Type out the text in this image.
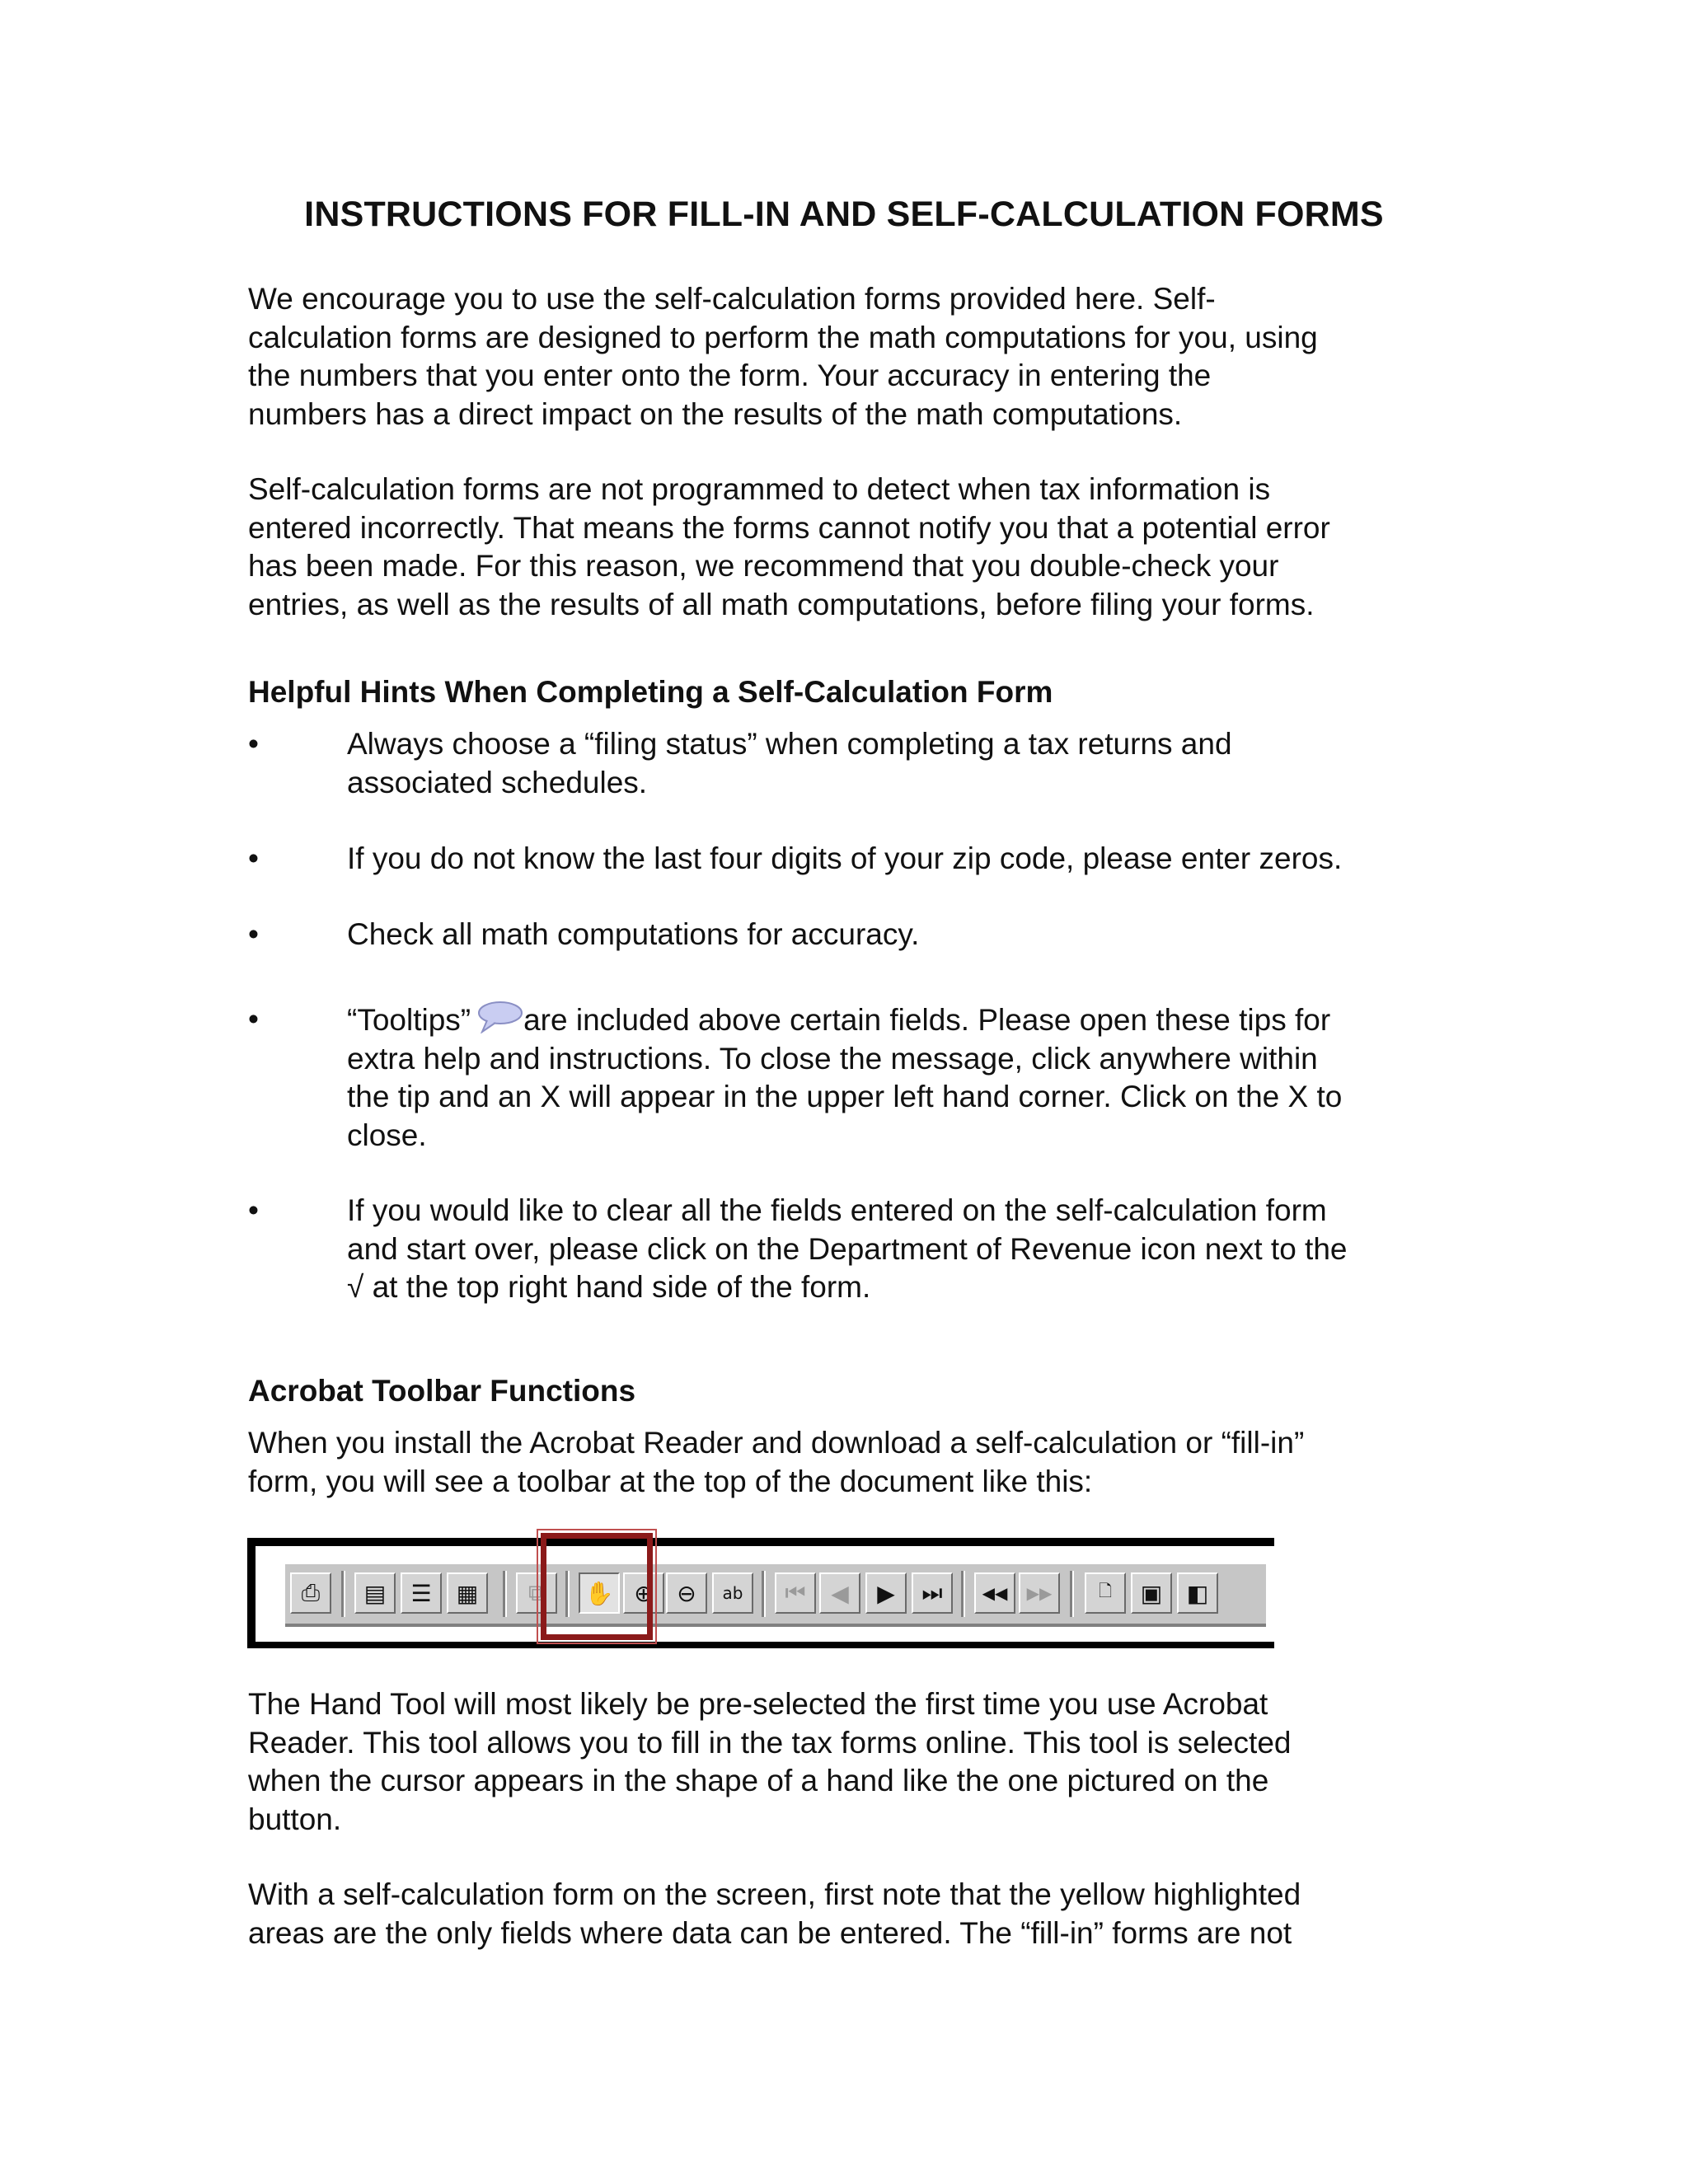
INSTRUCTIONS FOR FILL-IN AND SELF-CALCULATION FORMS
We encourage you to use the self-calculation forms provided here. Self-
calculation forms are designed to perform the math computations for you, using
the numbers that you enter onto the form. Your accuracy in entering the
numbers has a direct impact on the results of the math computations.
Self-calculation forms are not programmed to detect when tax information is
entered incorrectly. That means the forms cannot notify you that a potential error
has been made. For this reason, we recommend that you double-check your
entries, as well as the results of all math computations, before filing your forms.
Helpful Hints When Completing a Self-Calculation Form
•	Always choose a “filing status” when completing a tax returns and
associated schedules.
•	If you do not know the last four digits of your zip code, please enter zeros.
•	Check all math computations for accuracy.
•	“Tooltips” are included above certain fields. Please open these tips for
extra help and instructions. To close the message, click anywhere within
the tip and an X will appear in the upper left hand corner. Click on the X to
close.
•	If you would like to clear all the fields entered on the self-calculation form
and start over, please click on the Department of Revenue icon next to the
√ at the top right hand side of the form.
Acrobat Toolbar Functions
When you install the Acrobat Reader and download a self-calculation or “fill-in”
form, you will see a toolbar at the top of the document like this:
⎙	▤	☰	▦	⧉	✋ ⊕	⊖	ab	⏮	◀	▶	⏭	◀◀	▶▶	🗋	▣	◧
The Hand Tool will most likely be pre-selected the first time you use Acrobat
Reader. This tool allows you to fill in the tax forms online. This tool is selected
when the cursor appears in the shape of a hand like the one pictured on the
button.
With a self-calculation form on the screen, first note that the yellow highlighted
areas are the only fields where data can be entered. The “fill-in” forms are not
